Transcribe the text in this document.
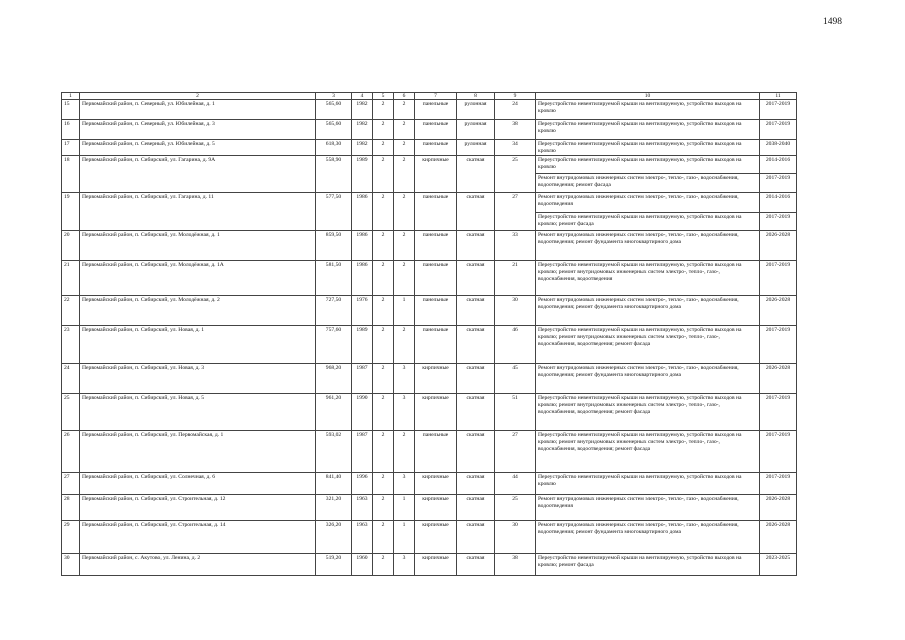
1498
1	2	3	4	5	6	7	8	9	10	11
15	Первомайский район, п. Северный, ул. Юбилейная, д. 1	565,60	1982	2	2	панельные	рулонная	24	Переустройство невентилируемой крыши на вентилируемую, устройство выходов на кровлю	2017-2019
16	Первомайский район, п. Северный, ул. Юбилейная, д. 3	565,60	1982	2	2	панельные	рулонная	38	Переустройство невентилируемой крыши на вентилируемую, устройство выходов на кровлю	2017-2019
17	Первомайский район, п. Северный, ул. Юбилейная, д. 5	618,30	1982	2	2	панельные	рулонная	34	Переустройство невентилируемой крыши на вентилируемую, устройство выходов на кровлю	2038-2040
18	Первомайский район, п. Сибирский, ул. Гагарина, д. 9А	558,90	1989	2	2	кирпичные	скатная	25	Переустройство невентилируемой крыши на вентилируемую, устройство выходов на кровлю	2014-2016
									Ремонт внутридомовых инженерных систем электро-, тепло-, газо-, водоснабжения, водоотведения; ремонт фасада	2017-2019
19	Первомайский район, п. Сибирский, ул. Гагарина, д. 11	577,50	1986	2	2	панельные	скатная	27	Ремонт внутридомовых инженерных систем электро-, тепло-, газо-, водоснабжения, водоотведения	2014-2016
									Переустройство невентилируемой крыши на вентилируемую, устройство выходов на кровлю; ремонт фасада	2017-2019
20	Первомайский район, п. Сибирский, ул. Молодёжная, д. 1	859,50	1986	2	2	панельные	скатная	33	Ремонт внутридомовых инженерных систем электро-, тепло-, газо-, водоснабжения, водоотведения; ремонт фундамента многоквартирного дома	2026-2028
21	Первомайский район, п. Сибирский, ул. Молодёжная, д. 1А	581,50	1986	2	2	панельные	скатная	21	Переустройство невентилируемой крыши на вентилируемую, устройство выходов на кровлю; ремонт внутридомовых инженерных систем электро-, тепло-, газо-, водоснабжения, водоотведения	2017-2019
22	Первомайский район, п. Сибирский, ул. Молодёжная, д. 2	727,50	1976	2	1	панельные	скатная	30	Ремонт внутридомовых инженерных систем электро-, тепло-, газо-, водоснабжения, водоотведения; ремонт фундамента многоквартирного дома	2026-2028
23	Первомайский район, п. Сибирский, ул. Новая, д. 1	757,60	1989	2	2	панельные	скатная	46	Переустройство невентилируемой крыши на вентилируемую, устройство выходов на кровлю; ремонт внутридомовых инженерных систем электро-, тепло-, газо-, водоснабжения, водоотведения; ремонт фасада	2017-2019
24	Первомайский район, п. Сибирский, ул. Новая, д. 3	968,20	1987	2	3	кирпичные	скатная	45	Ремонт внутридомовых инженерных систем электро-, тепло-, газо-, водоснабжения, водоотведения; ремонт фундамента многоквартирного дома	2026-2028
25	Первомайский район, п. Сибирский, ул. Новая, д. 5	961,20	1990	2	3	кирпичные	скатная	51	Переустройство невентилируемой крыши на вентилируемую, устройство выходов на кровлю; ремонт внутридомовых инженерных систем электро-, тепло-, газо-, водоснабжения, водоотведения; ремонт фасада	2017-2019
26	Первомайский район, п. Сибирский, ул. Первомайская, д. 1	593,02	1987	2	2	панельные	скатная	27	Переустройство невентилируемой крыши на вентилируемую, устройство выходов на кровлю; ремонт внутридомовых инженерных систем электро-, тепло-, газо-, водоснабжения, водоотведения; ремонт фасада	2017-2019
27	Первомайский район, п. Сибирский, ул. Солнечная, д. 6	841,40	1996	2	3	кирпичные	скатная	44	Переустройство невентилируемой крыши на вентилируемую, устройство выходов на кровлю	2017-2019
28	Первомайский район, п. Сибирский, ул. Строительная, д. 12	321,20	1963	2	1	кирпичные	скатная	25	Ремонт внутридомовых инженерных систем электро-, тепло-, газо-, водоснабжения, водоотведения	2026-2028
29	Первомайский район, п. Сибирский, ул. Строительная, д. 14	326,20	1963	2	1	кирпичные	скатная	30	Ремонт внутридомовых инженерных систем электро-, тепло-, газо-, водоснабжения, водоотведения; ремонт фундамента многоквартирного дома	2026-2028
30	Первомайский район, с. Акутово, ул. Ленина, д. 2	519,20	1960	2	3	кирпичные	скатная	38	Переустройство невентилируемой крыши на вентилируемую, устройство выходов на кровлю; ремонт фасада	2023-2025
